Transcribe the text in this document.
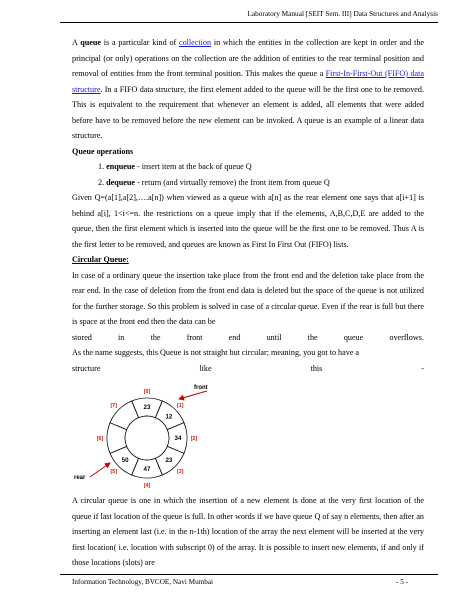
Laboratory Manual [SEIT Sem. III] Data Structures and Analysis

A queue is a particular kind of collection in which the entities in the collection are kept in order and the principal (or only) operations on the collection are the addition of entities to the rear terminal position and removal of entities from the front terminal position. This makes the queue a First-In-First-Out (FIFO) data structure. In a FIFO data structure, the first element added to the queue will be the first one to be removed. This is equivalent to the requirement that whenever an element is added, all elements that were added before have to be removed before the new element can be invoked. A queue is an example of a linear data structure.

Queue operations

1. enqueue - insert item at the back of queue Q

2. dequeue - return (and virtually remove) the front item from queue Q

Given Q=(a[1],a[2],….a[n]) when viewed as a queue with a[n] as the rear element one says that a[i+1] is behind a[i], 1<i<=n. the restrictions on a queue imply that if the elements, A,B,C,D,E are added to the queue, then the first element which is inserted into the queue will be the first one to be removed. Thus A is the first letter to be removed, and queues are known as First In First Out (FIFO) lists.

Circular Queue:

In case of a ordinary queue the insertion take place from the front end and the deletion take place from the rear end. In the case of deletion from the front end data is deleted but the space of the queue is not utilized for the further storage. So this problem is solved in case of a circular queue. Even if the rear is full but there is space at the front end then the data can be

stored	in	the	front	end	until	the	queue	overflows.

As the name suggests, this Queue is not straight but circular; meaning, you got to have a

structure	like	this	-
23
[0]
12
[1]
34 [2]
23
[3]
47
[4]
50
[5]
[6]
[7]
front
rear

A circular queue is one in which the insertion of a new element is done at the very first location of the queue if last location of the queue is full. In other words if we have queue Q of say n elements, then after an inserting an element last (i.e. in the n-1th) location of the array the next element will be inserted at the very first location( i.e. location with subscript 0) of the array. It is possible to insert new elements, if and only if those locations (slots) are

Information Technology, BVCOE, Navi Mumbai	- 5 -
